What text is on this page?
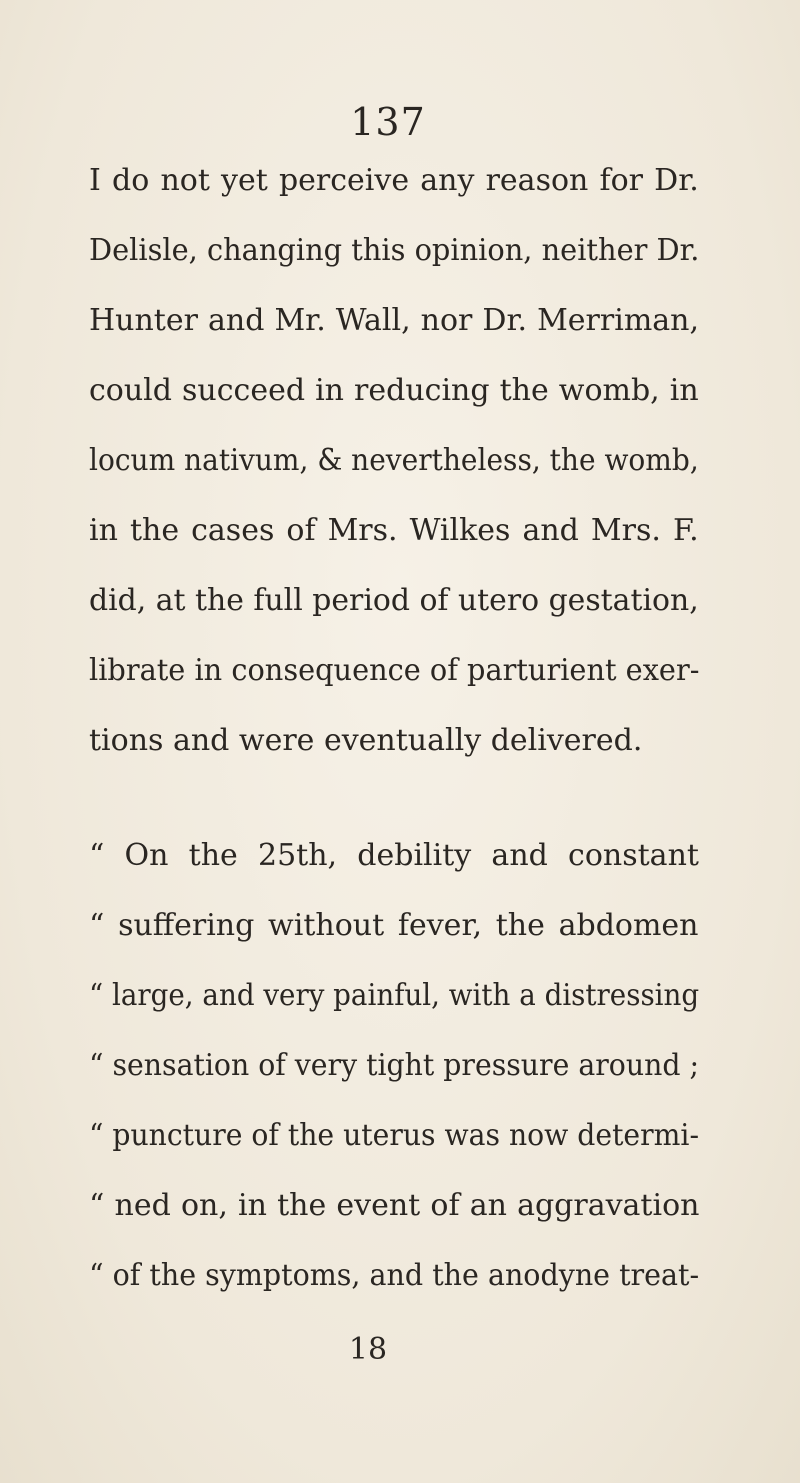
137
I do not yet perceive any reason for Dr.
Delisle, changing this opinion, neither Dr.
Hunter and Mr. Wall, nor Dr. Merriman,
could succeed in reducing the womb, in
locum nativum, & nevertheless, the womb,
in the cases of Mrs. Wilkes and Mrs. F.
did, at the full period of utero gestation,
librate in consequence of parturient exer-
tions and were eventually delivered.
“ On the 25th, debility and constant
“ suffering without fever, the abdomen
“ large, and very painful, with a distressing
“ sensation of very tight pressure around ;
“ puncture of the uterus was now determi-
“ ned on, in the event of an aggravation
“ of the symptoms, and the anodyne treat-
18
